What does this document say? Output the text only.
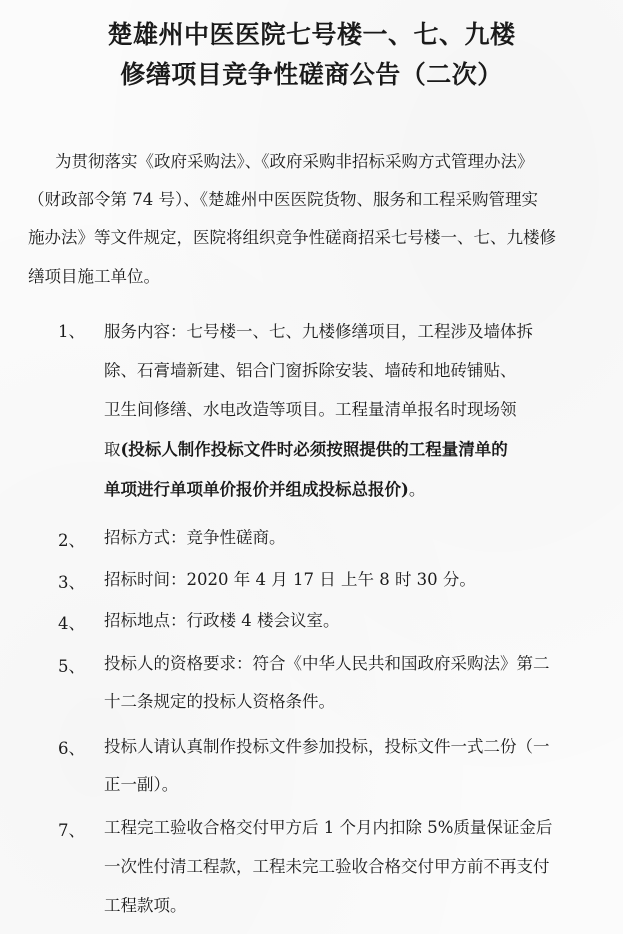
楚雄州中医医院七号楼一、七、九楼
修缮项目竞争性磋商公告（二次）
为贯彻落实《政府采购法》、《政府采购非招标采购方式管理办法》
（财政部令第 74 号）、《楚雄州中医医院货物、服务和工程采购管理实
施办法》等文件规定，医院将组织竞争性磋商招采七号楼一、七、九楼修
缮项目施工单位。
1、 服务内容：七号楼一、七、九楼修缮项目，工程涉及墙体拆
除、石膏墙新建、铝合门窗拆除安装、墙砖和地砖铺贴、
卫生间修缮、水电改造等项目。工程量清单报名时现场领
取(投标人制作投标文件时必须按照提供的工程量清单的
单项进行单项单价报价并组成投标总报价)。
2、 招标方式：竞争性磋商。
3、 招标时间：2020 年 4 月 17 日 上午 8 时 30 分。
4、 招标地点：行政楼 4 楼会议室。
5、 投标人的资格要求：符合《中华人民共和国政府采购法》第二
十二条规定的投标人资格条件。
6、 投标人请认真制作投标文件参加投标，投标文件一式二份（一
正一副）。
7、 工程完工验收合格交付甲方后 1 个月内扣除 5%质量保证金后
一次性付清工程款，工程未完工验收合格交付甲方前不再支付
工程款项。
